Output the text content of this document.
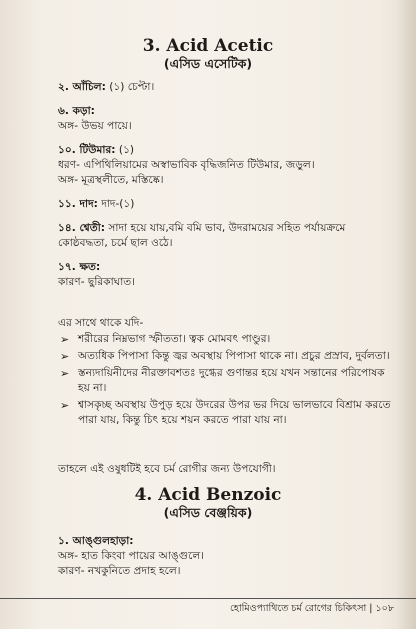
3. Acid Acetic
(এসিড এসেটিক)
২. আঁচিল: (১) চেপ্টা।
৬. কড়া:
অঙ্গ- উভয় পায়ে।
১০. টিউমার: (১)
ধরণ- এপিথিলিয়ামের অস্বাভাবিক বৃদ্ধিজনিত টিউমার, জড়ুল।
অঙ্গ- মূত্রস্থলীতে, মস্তিষ্কে।
১১. দাদ: দাদ-(১)
১৪. শ্বেতী: সাদা হয়ে যায়,বমি বমি ভাব, উদরাময়ের সহিত পর্যায়ক্রমে
কোষ্ঠবদ্ধতা, চর্মে ছাল ওঠে।
১৭. ক্ষত:
কারণ- ছুরিকাঘাত।
এর সাথে থাকে যদি-
➢ শরীরের নিম্নভাগ স্ফীততা। ত্বক মোমবৎ পাণ্ডুর।
➢ অত্যধিক পিপাসা কিন্তু জ্বর অবস্থায় পিপাসা থাকে না। প্রচুর প্রস্রাব, দুর্বলতা।
➢ স্তন্যদায়িনীদের নীরক্তাবশতঃ দুগ্ধের গুণান্তর হয়ে যখন সন্তানের পরিপোষক হয় না।
➢ শ্বাসকৃচ্ছ অবস্থায় উপুড় হয়ে উদরের উপর ভর দিয়ে ভালভাবে বিশ্রাম করতে পারা যায়, কিন্তু চিৎ হয়ে শয়ন করতে পারা যায় না।
তাহলে এই ওষুধটিই হবে চর্ম রোগীর জন্য উপযোগী।
4. Acid Benzoic
(এসিড বেঞ্জয়িক)
১. আঙ্গুলহাড়া:
অঙ্গ- হাত কিংবা পায়ের আঙ্গুলে।
কারণ- নখকুনিতে প্রদাহ হলে।
হোমিওপ্যাথিতে চর্ম রোগের চিকিৎসা | ১০৮
